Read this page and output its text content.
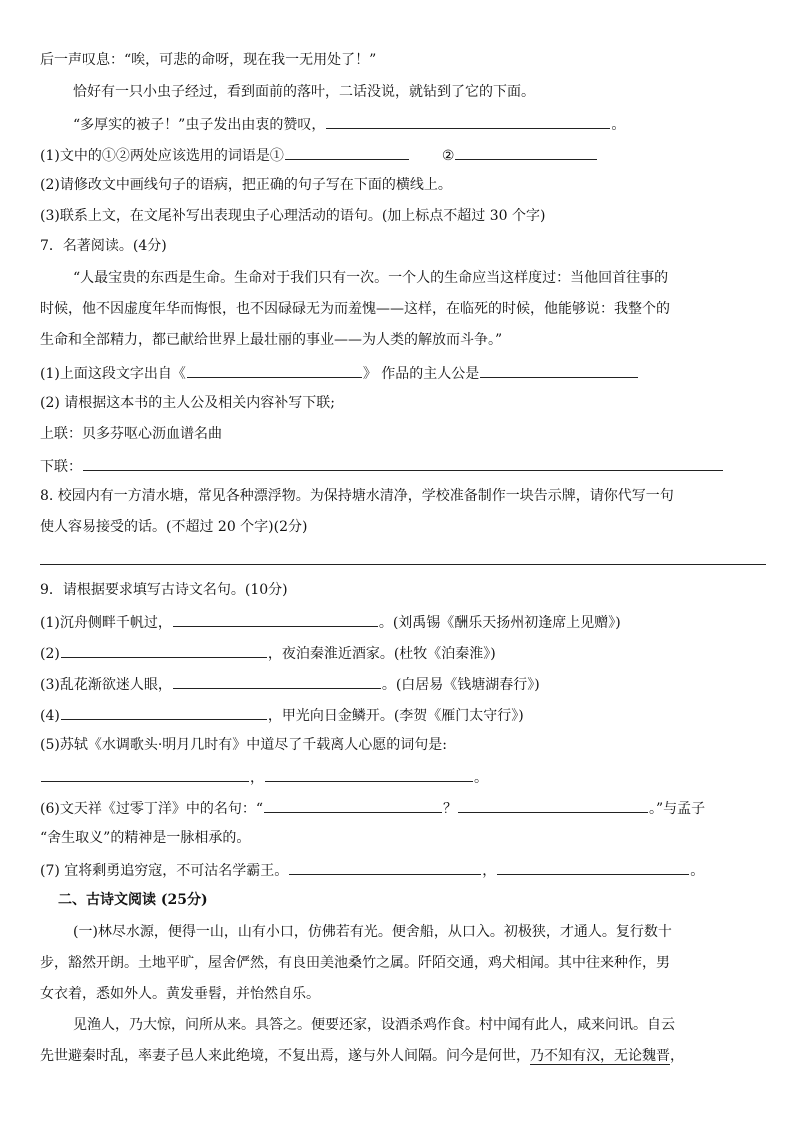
后一声叹息：“唉，可悲的命呀，现在我一无用处了！”
恰好有一只小虫子经过，看到面前的落叶，二话没说，就钻到了它的下面。
“多厚实的被子！”虫子发出由衷的赞叹，	。
(1)文中的①②两处应该选用的词语是①	②
(2)请修改文中画线句子的语病，把正确的句子写在下面的横线上。
(3)联系上文，在文尾补写出表现虫子心理活动的语句。(加上标点不超过 30 个字)
7．名著阅读。(4分)
“人最宝贵的东西是生命。生命对于我们只有一次。一个人的生命应当这样度过：当他回首往事的
时候，他不因虚度年华而悔恨，也不因碌碌无为而羞愧——这样，在临死的时候，他能够说：我整个的
生命和全部精力，都已献给世界上最壮丽的事业——为人类的解放而斗争。”
(1)上面这段文字出自《	》 作品的主人公是
(2) 请根据这本书的主人公及相关内容补写下联;
上联：贝多芬呕心沥血谱名曲
下联：
8. 校园内有一方清水塘，常见各种漂浮物。为保持塘水清净，学校准备制作一块告示牌，请你代写一句
使人容易接受的话。(不超过 20 个字)(2分)
9．请根据要求填写古诗文名句。(10分)
(1)沉舟侧畔千帆过，	。(刘禹锡《酬乐天扬州初逢席上见赠》)
(2)	，夜泊秦淮近酒家。(杜牧《泊秦淮》)
(3)乱花渐欲迷人眼，	。(白居易《钱塘湖春行》)
(4)	，甲光向日金鳞开。(李贺《雁门太守行》)
(5)苏轼《水调歌头·明月几时有》中道尽了千载离人心愿的词句是:
，	。
(6)文天祥《过零丁洋》中的名句：“	？	。”与孟子
“舍生取义”的精神是一脉相承的。
(7) 宜将剩勇追穷寇，不可沽名学霸王。	，	。
二、古诗文阅读 (25分)
(一)林尽水源，便得一山，山有小口，仿佛若有光。便舍船，从口入。初极狭，才通人。复行数十
步，豁然开朗。土地平旷，屋舍俨然，有良田美池桑竹之属。阡陌交通，鸡犬相闻。其中往来种作，男
女衣着，悉如外人。黄发垂髫，并怡然自乐。
见渔人，乃大惊，问所从来。具答之。便要还家，设酒杀鸡作食。村中闻有此人，咸来问讯。自云
先世避秦时乱，率妻子邑人来此绝境，不复出焉，遂与外人间隔。问今是何世，乃不知有汉，无论魏晋，
